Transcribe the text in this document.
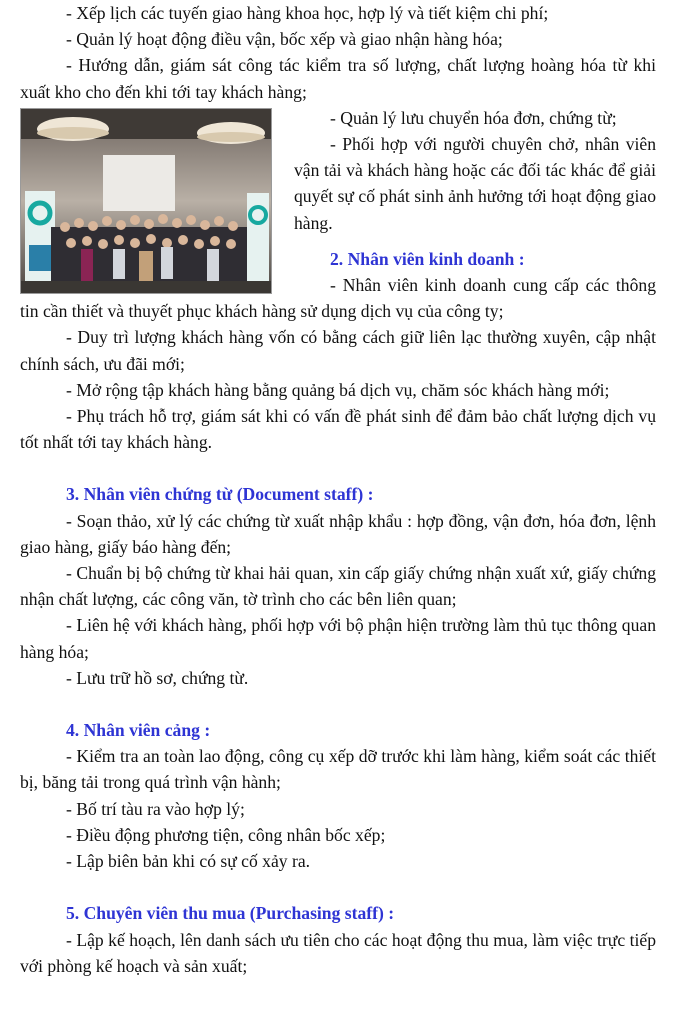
- Xếp lịch các tuyến giao hàng khoa học, hợp lý và tiết kiệm chi phí;

- Quản lý hoạt động điều vận, bốc xếp và giao nhận hàng hóa;

- Hướng dẫn, giám sát công tác kiểm tra số lượng, chất lượng hoàng hóa từ khi xuất kho cho đến khi tới tay khách hàng;

- Quản lý lưu chuyển hóa đơn, chứng từ;

- Phối hợp với người chuyên chở, nhân viên vận tải và khách hàng hoặc các đối tác khác để giải quyết sự cố phát sinh ảnh hưởng tới hoạt động giao hàng.

2. Nhân viên kinh doanh :

- Nhân viên kinh doanh cung cấp các thông tin cần thiết và thuyết phục khách hàng sử dụng dịch vụ của công ty;

- Duy trì lượng khách hàng vốn có bằng cách giữ liên lạc thường xuyên, cập nhật chính sách, ưu đãi mới;

- Mở rộng tập khách hàng bằng quảng bá dịch vụ, chăm sóc khách hàng mới;

- Phụ trách hỗ trợ, giám sát khi có vấn đề phát sinh để đảm bảo chất lượng dịch vụ tốt nhất tới tay khách hàng.

3. Nhân viên chứng từ (Document staff) :

- Soạn thảo, xử lý các chứng từ xuất nhập khẩu : hợp đồng, vận đơn, hóa đơn, lệnh giao hàng, giấy báo hàng đến;

- Chuẩn bị bộ chứng từ khai hải quan, xin cấp giấy chứng nhận xuất xứ, giấy chứng nhận chất lượng, các công văn, tờ trình cho các bên liên quan;

- Liên hệ với khách hàng, phối hợp với bộ phận hiện trường làm thủ tục thông quan hàng hóa;

- Lưu trữ hồ sơ, chứng từ.

4. Nhân viên cảng :

- Kiểm tra an toàn lao động, công cụ xếp dỡ trước khi làm hàng, kiểm soát các thiết bị, băng tải trong quá trình vận hành;

- Bố trí tàu ra vào hợp lý;

- Điều động phương tiện, công nhân bốc xếp;

- Lập biên bản khi có sự cố xảy ra.

5. Chuyên viên thu mua (Purchasing staff) :

- Lập kế hoạch, lên danh sách ưu tiên cho các hoạt động thu mua, làm việc trực tiếp với phòng kế hoạch và sản xuất;
